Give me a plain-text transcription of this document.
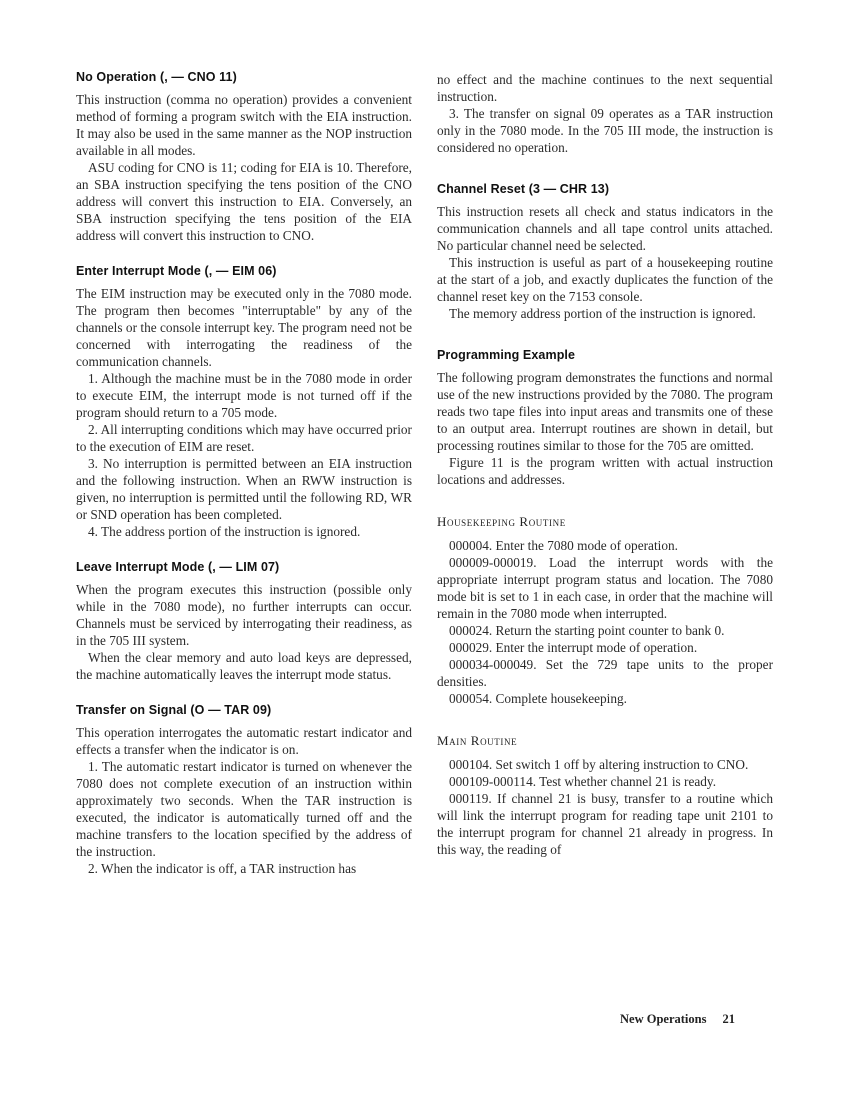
No Operation (, — CNO 11)

This instruction (comma no operation) provides a convenient method of forming a program switch with the EIA instruction. It may also be used in the same manner as the NOP instruction available in all modes.

ASU coding for CNO is 11; coding for EIA is 10. Therefore, an SBA instruction specifying the tens position of the CNO address will convert this instruction to EIA. Conversely, an SBA instruction specifying the tens position of the EIA address will convert this instruction to CNO.

Enter Interrupt Mode (, — EIM 06)

The EIM instruction may be executed only in the 7080 mode. The program then becomes "interruptable" by any of the channels or the console interrupt key. The program need not be concerned with interrogating the readiness of the communication channels.

1. Although the machine must be in the 7080 mode in order to execute EIM, the interrupt mode is not turned off if the program should return to a 705 mode.

2. All interrupting conditions which may have occurred prior to the execution of EIM are reset.

3. No interruption is permitted between an EIA instruction and the following instruction. When an RWW instruction is given, no interruption is permitted until the following RD, WR or SND operation has been completed.

4. The address portion of the instruction is ignored.

Leave Interrupt Mode (, — LIM 07)

When the program executes this instruction (possible only while in the 7080 mode), no further interrupts can occur. Channels must be serviced by interrogating their readiness, as in the 705 III system.

When the clear memory and auto load keys are depressed, the machine automatically leaves the interrupt mode status.

Transfer on Signal (O — TAR 09)

This operation interrogates the automatic restart indicator and effects a transfer when the indicator is on.

1. The automatic restart indicator is turned on whenever the 7080 does not complete execution of an instruction within approximately two seconds. When the TAR instruction is executed, the indicator is automatically turned off and the machine transfers to the location specified by the address of the instruction.

2. When the indicator is off, a TAR instruction has

no effect and the machine continues to the next sequential instruction.

3. The transfer on signal 09 operates as a TAR instruction only in the 7080 mode. In the 705 III mode, the instruction is considered no operation.

Channel Reset (3 — CHR 13)

This instruction resets all check and status indicators in the communication channels and all tape control units attached. No particular channel need be selected.

This instruction is useful as part of a housekeeping routine at the start of a job, and exactly duplicates the function of the channel reset key on the 7153 console.

The memory address portion of the instruction is ignored.

Programming Example

The following program demonstrates the functions and normal use of the new instructions provided by the 7080. The program reads two tape files into input areas and transmits one of these to an output area. Interrupt routines are shown in detail, but processing routines similar to those for the 705 are omitted.

Figure 11 is the program written with actual instruction locations and addresses.

Housekeeping Routine

000004. Enter the 7080 mode of operation.

000009-000019. Load the interrupt words with the appropriate interrupt program status and location. The 7080 mode bit is set to 1 in each case, in order that the machine will remain in the 7080 mode when interrupted.

000024. Return the starting point counter to bank 0.

000029. Enter the interrupt mode of operation.

000034-000049. Set the 729 tape units to the proper densities.

000054. Complete housekeeping.

Main Routine

000104. Set switch 1 off by altering instruction to CNO.

000109-000114. Test whether channel 21 is ready.

000119. If channel 21 is busy, transfer to a routine which will link the interrupt program for reading tape unit 2101 to the interrupt program for channel 21 already in progress. In this way, the reading of

New Operations 21
